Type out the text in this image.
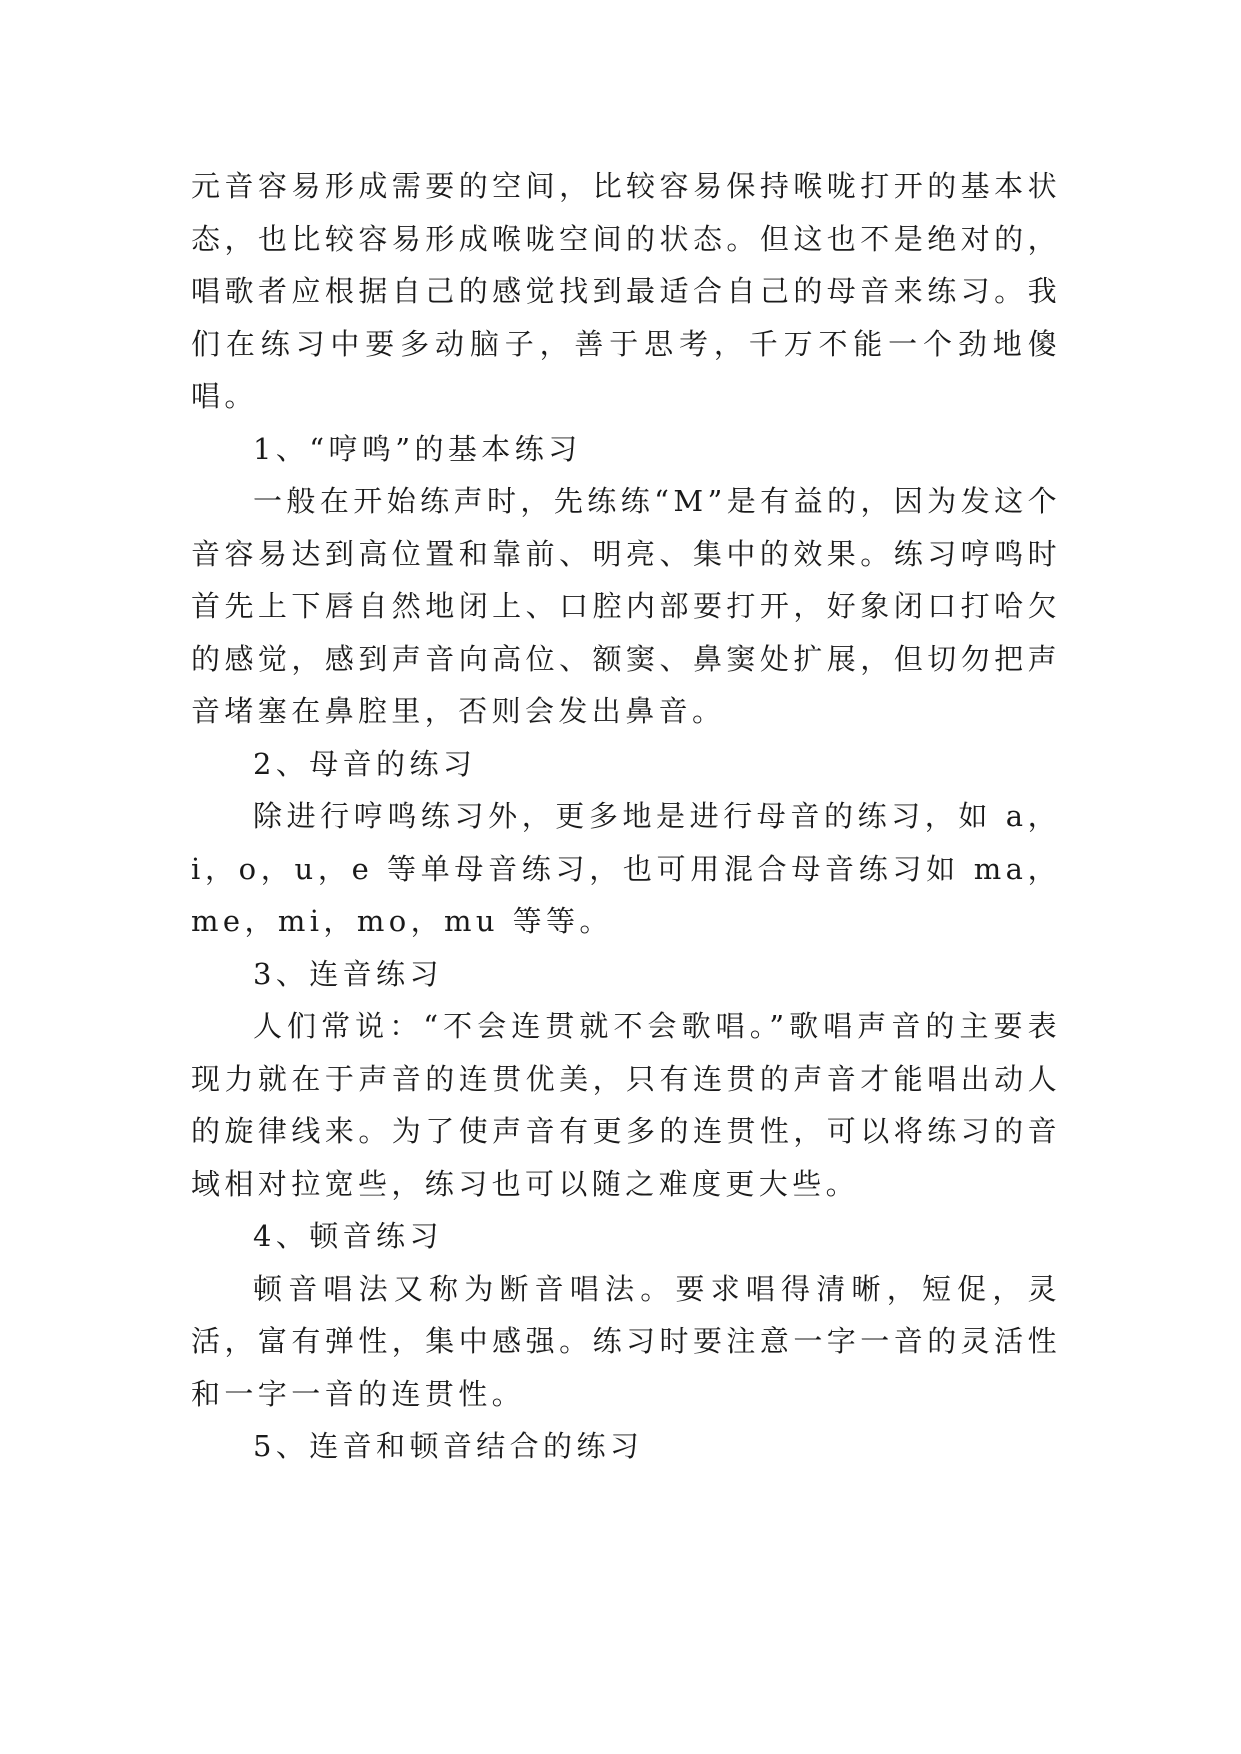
元音容易形成需要的空间，比较容易保持喉咙打开的基本状态，也比较容易形成喉咙空间的状态。但这也不是绝对的，唱歌者应根据自己的感觉找到最适合自己的母音来练习。我们在练习中要多动脑子，善于思考，千万不能一个劲地傻唱。

1、“哼鸣”的基本练习

一般在开始练声时，先练练“M”是有益的，因为发这个音容易达到高位置和靠前、明亮、集中的效果。练习哼鸣时首先上下唇自然地闭上、口腔内部要打开，好象闭口打哈欠的感觉，感到声音向高位、额窦、鼻窦处扩展，但切勿把声音堵塞在鼻腔里，否则会发出鼻音。

2、母音的练习

除进行哼鸣练习外，更多地是进行母音的练习，如 a，i，o，u，e 等单母音练习，也可用混合母音练习如 ma，me，mi，mo，mu 等等。

3、连音练习

人们常说：“不会连贯就不会歌唱。”歌唱声音的主要表现力就在于声音的连贯优美，只有连贯的声音才能唱出动人的旋律线来。为了使声音有更多的连贯性，可以将练习的音域相对拉宽些，练习也可以随之难度更大些。

4、顿音练习

顿音唱法又称为断音唱法。要求唱得清晰，短促，灵活，富有弹性，集中感强。练习时要注意一字一音的灵活性和一字一音的连贯性。

5、连音和顿音结合的练习
